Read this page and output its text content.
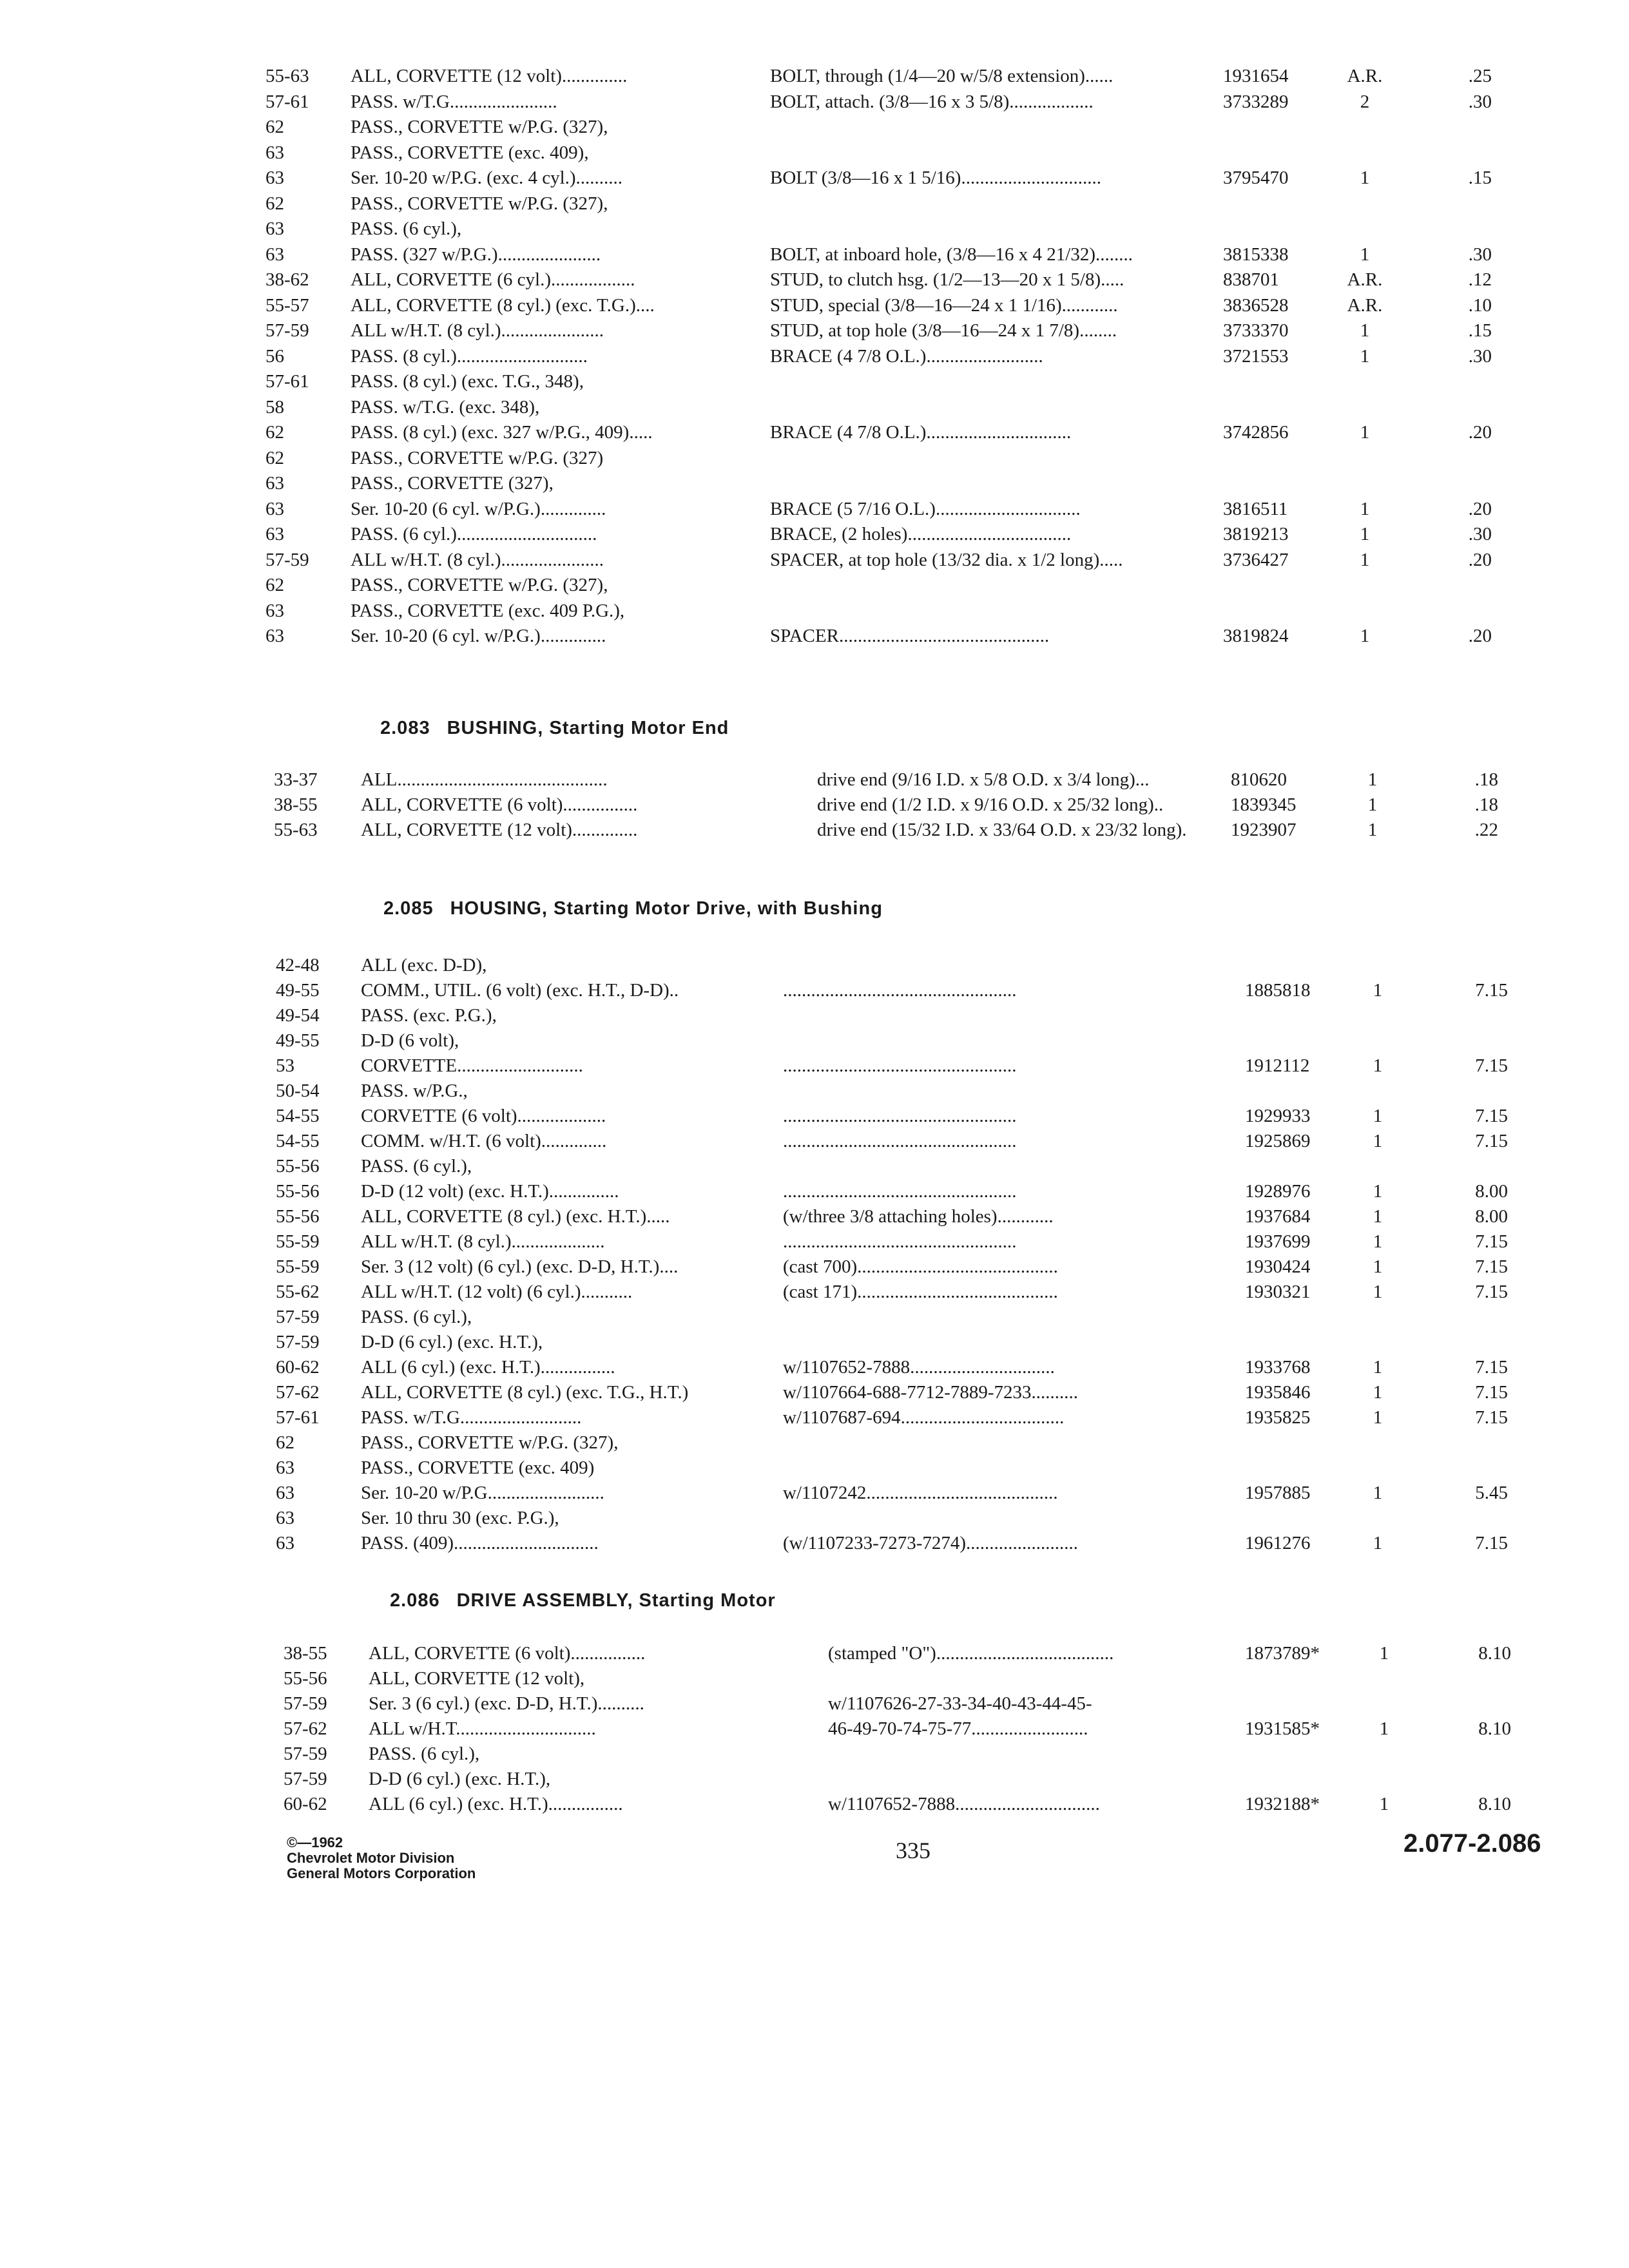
55-63	ALL, CORVETTE (12 volt)..............	BOLT, through (1/4—20 w/5/8 extension)......	1931654	A.R.	.25
57-61	PASS. w/T.G.......................	BOLT, attach. (3/8—16 x 3 5/8)..................	3733289	2	.30
62	PASS., CORVETTE w/P.G. (327),
63	PASS., CORVETTE (exc. 409),
63	Ser. 10-20 w/P.G. (exc. 4 cyl.)..........	BOLT (3/8—16 x 1 5/16)..............................	3795470	1	.15
62	PASS., CORVETTE w/P.G. (327),
63	PASS. (6 cyl.),
63	PASS. (327 w/P.G.)......................	BOLT, at inboard hole, (3/8—16 x 4 21/32)........	3815338	1	.30
38-62	ALL, CORVETTE (6 cyl.)..................	STUD, to clutch hsg. (1/2—13—20 x 1 5/8).....	838701	A.R.	.12
55-57	ALL, CORVETTE (8 cyl.) (exc. T.G.)....	STUD, special (3/8—16—24 x 1 1/16)............	3836528	A.R.	.10
57-59	ALL w/H.T. (8 cyl.)......................	STUD, at top hole (3/8—16—24 x 1 7/8)........	3733370	1	.15
56	PASS. (8 cyl.)............................	BRACE (4 7/8 O.L.).........................	3721553	1	.30
57-61	PASS. (8 cyl.) (exc. T.G., 348),
58	PASS. w/T.G. (exc. 348),
62	PASS. (8 cyl.) (exc. 327 w/P.G., 409).....	BRACE (4 7/8 O.L.)...............................	3742856	1	.20
62	PASS., CORVETTE w/P.G. (327)
63	PASS., CORVETTE (327),
63	Ser. 10-20 (6 cyl. w/P.G.)..............	BRACE (5 7/16 O.L.)...............................	3816511	1	.20
63	PASS. (6 cyl.)..............................	BRACE, (2 holes)...................................	3819213	1	.30
57-59	ALL w/H.T. (8 cyl.)......................	SPACER, at top hole (13/32 dia. x 1/2 long).....	3736427	1	.20
62	PASS., CORVETTE w/P.G. (327),
63	PASS., CORVETTE (exc. 409 P.G.),
63	Ser. 10-20 (6 cyl. w/P.G.)..............	SPACER.............................................	3819824	1	.20
2.083 BUSHING, Starting Motor End
33-37	ALL.............................................	drive end (9/16 I.D. x 5/8 O.D. x 3/4 long)...	810620	1	.18
38-55	ALL, CORVETTE (6 volt)................	drive end (1/2 I.D. x 9/16 O.D. x 25/32 long)..	1839345	1	.18
55-63	ALL, CORVETTE (12 volt)..............	drive end (15/32 I.D. x 33/64 O.D. x 23/32 long).	1923907	1	.22
2.085 HOUSING, Starting Motor Drive, with Bushing
42-48	ALL (exc. D-D),
49-55	COMM., UTIL. (6 volt) (exc. H.T., D-D)..	..................................................	1885818	1	7.15
49-54	PASS. (exc. P.G.),
49-55	D-D (6 volt),
53	CORVETTE...........................	..................................................	1912112	1	7.15
50-54	PASS. w/P.G.,
54-55	CORVETTE (6 volt)...................	..................................................	1929933	1	7.15
54-55	COMM. w/H.T. (6 volt)..............	..................................................	1925869	1	7.15
55-56	PASS. (6 cyl.),
55-56	D-D (12 volt) (exc. H.T.)...............	..................................................	1928976	1	8.00
55-56	ALL, CORVETTE (8 cyl.) (exc. H.T.).....	(w/three 3/8 attaching holes)............	1937684	1	8.00
55-59	ALL w/H.T. (8 cyl.)....................	..................................................	1937699	1	7.15
55-59	Ser. 3 (12 volt) (6 cyl.) (exc. D-D, H.T.)....	(cast 700)...........................................	1930424	1	7.15
55-62	ALL w/H.T. (12 volt) (6 cyl.)...........	(cast 171)...........................................	1930321	1	7.15
57-59	PASS. (6 cyl.),
57-59	D-D (6 cyl.) (exc. H.T.),
60-62	ALL (6 cyl.) (exc. H.T.)................	w/1107652-7888...............................	1933768	1	7.15
57-62	ALL, CORVETTE (8 cyl.) (exc. T.G., H.T.)	w/1107664-688-7712-7889-7233..........	1935846	1	7.15
57-61	PASS. w/T.G..........................	w/1107687-694...................................	1935825	1	7.15
62	PASS., CORVETTE w/P.G. (327),
63	PASS., CORVETTE (exc. 409)
63	Ser. 10-20 w/P.G.........................	w/1107242.........................................	1957885	1	5.45
63	Ser. 10 thru 30 (exc. P.G.),
63	PASS. (409)...............................	(w/1107233-7273-7274)........................	1961276	1	7.15
2.086 DRIVE ASSEMBLY, Starting Motor
38-55	ALL, CORVETTE (6 volt)................	(stamped "O")......................................	1873789*	1	8.10
55-56	ALL, CORVETTE (12 volt),
57-59	Ser. 3 (6 cyl.) (exc. D-D, H.T.)..........	w/1107626-27-33-34-40-43-44-45-
57-62	ALL w/H.T..............................	46-49-70-74-75-77.........................	1931585*	1	8.10
57-59	PASS. (6 cyl.),
57-59	D-D (6 cyl.) (exc. H.T.),
60-62	ALL (6 cyl.) (exc. H.T.)................	w/1107652-7888...............................	1932188*	1	8.10
©—1962
Chevrolet Motor Division
General Motors Corporation
335	2.077-2.086
